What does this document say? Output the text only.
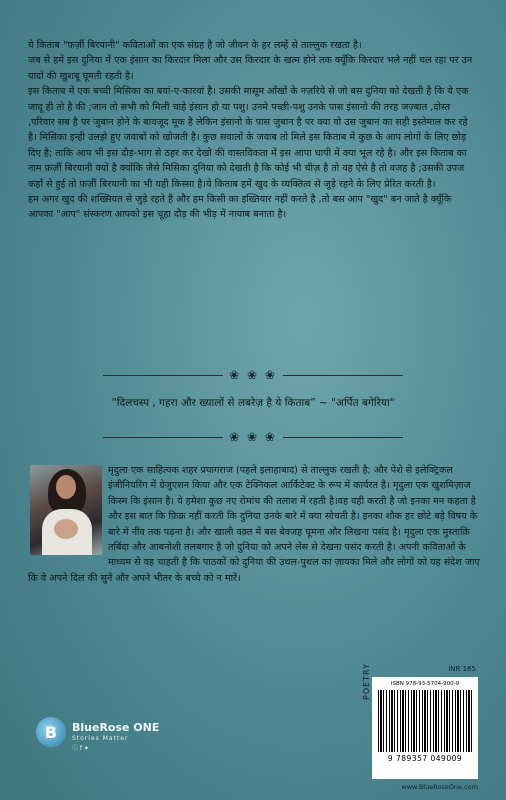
ये किताब "फ़र्ज़ी बिरयानी" कविताओं का एक संग्रह है जो जीवन के हर लम्हें से ताल्लुक रखता है।

जब से हमें इस दुनिया में एक इंसान का किरदार मिला और उस किरदार के खत्म होने तक क्यूँकि किरदार भले नहीं चल रहा पर उन यादों की खुशबू घूमती रहती है।

इस किताब में एक बच्ची मिसिका का बयां-ए-कारवां है। उसकी मासूम आँखों के नज़रिये से जो बस दुनिया को देखती है कि ये एक जादू ही तो है की ;जान तो सभी को मिली चाहे इंसान हो या पशु। उनमे पच्छी-पशु उनके पास इंसानो की तरह जज़्बात ,दोस्त ,परिवार सब है पर जुबान होने के बावजूद मूक है लेकिन इंसानो के पास जुबान है पर क्या वो उस जुबान का सही इस्तेमाल कर रहे है। मिसिका इन्ही उलझे हुए जवाबों को खोजती है। कुछ सवालों के जवाब तो मिले इस किताब में कुछ के आप लोगों के लिए छोड़ दिए है; ताकि आप भी इस दौड़-भाग से ठहर कर देखो की वास्तविकता में इस आपा धापी में क्या भूल रहे है। और इस किताब का नाम फ़र्ज़ी बिरयानी क्यों है क्योंकि जैसे मिसिका दुनिया को देखती है कि कोई भी चीज़ है तो वह ऐसे है तो वजह है ;उसकी उपज कहाँ से हुई तो फ़र्ज़ी बिरयानी का भी यही किस्सा है।ये किताब हमें खुद के व्यक्तित्व से जुड़े रहने के लिए प्रेरित करती है।

हम अगर खुद की शख्सियत से जुड़े रहते है और हम किसी का इख्तियार नहीं करते है ,तो बस आप "खुद" बन जाते है क्यूँकि आपका "आप" संस्करण आपको इस चूहा दौड़ की भीड़ में नायाब बनाता है।

❀ ❀ ❀
“दिलचस्प , गहरा और ख्यालों से लबरेज़ है ये किताब” ~ "अर्पित बगेरिया"
❀ ❀ ❀
मृदुला एक साहित्यक शहर प्रयागराज (पहले इलाहाबाद) से ताल्लुक रखती है; और पेशे से इलेक्ट्रिकल इंजीनियरिंग में ग्रेजुएशन किया और एक टेक्निकल आर्किटेक्ट के रूप में कार्यरत है। मृदुला एक खुशमिज़ाज किस्म कि इंसान है। ये हमेशा कुछ नए रोमांच की तलाश में रहती है।वह वही करती है जो इनका मन कहता है और इस बात कि फ़िक्र नहीं करती कि दुनिया उनके बारे में क्या सोचती है। इनका शौक हर छोटे बड़े विषय के बारे में नींव तक पढ़ना है। और खाली वक़्त में बस बेवजह घूमना और लिखना पसंद है। मृदुला एक मुस्ताक़िं तबिंदा और आबनोशी तलबगार है जो दुनिया को अपने लेंस से देखना पसंद करती है। अपनी कविताओं के माध्यम से वह चाहती है कि पाठकों को दुनिया की उथल-पुथल का ज़ायका मिले और लोगों को यह संदेश जाए कि वे अपने दिल की सुनें और अपने भीतर के बच्चे को न मारें।
INR 165
POETRY	ISBN 978-93-5704-900-9
9 789357 049009
B	BlueRose ONE
Stories Matter
ⓘ f ✦
www.BlueRoseOne.com
